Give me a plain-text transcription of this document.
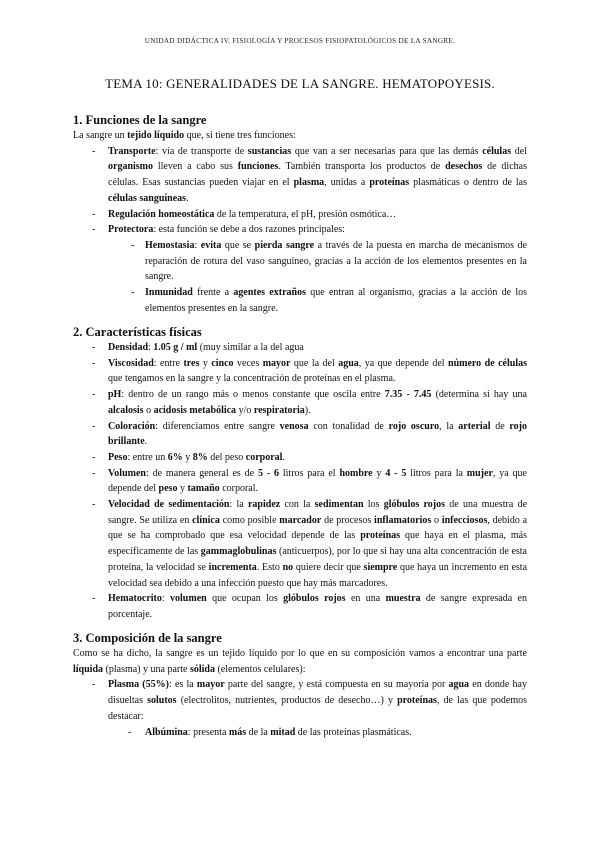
UNIDAD DIDÁCTICA IV. FISIOLOGÍA Y PROCESOS FISIOPATOLÓGICOS DE LA SANGRE.
TEMA 10: GENERALIDADES DE LA SANGRE. HEMATOPOYESIS.
1. Funciones de la sangre

La sangre un tejido líquido que, si tiene tres funciones:

- Transporte: vía de transporte de sustancias que van a ser necesarias para que las demás células del organismo lleven a cabo sus funciones. También transporta los productos de desechos de dichas células. Esas sustancias pueden viajar en el plasma, unidas a proteínas plasmáticas o dentro de las células sanguíneas.
- Regulación homeostática de la temperatura, el pH, presión osmótica…
- Protectora: esta función se debe a dos razones principales:
- Hemostasia: evita que se pierda sangre a través de la puesta en marcha de mecanismos de reparación de rotura del vaso sanguíneo, gracias a la acción de los elementos presentes en la sangre.
- Inmunidad frente a agentes extraños que entran al organismo, gracias a la acción de los elementos presentes en la sangre.
2. Características físicas
- Densidad: 1.05 g / ml (muy similar a la del agua
- Viscosidad: entre tres y cinco veces mayor que la del agua, ya que depende del número de células que tengamos en la sangre y la concentración de proteínas en el plasma.
- pH: dentro de un rango más o menos constante que oscila entre 7.35 - 7.45 (determina si hay una alcalosis o acidosis metabólica y/o respiratoria).
- Coloración: diferenciamos entre sangre venosa con tonalidad de rojo oscuro, la arterial de rojo brillante.
- Peso: entre un 6% y 8% del peso corporal.
- Volumen: de manera general es de 5 - 6 litros para el hombre y 4 - 5 litros para la mujer, ya que depende del peso y tamaño corporal.
- Velocidad de sedimentación: la rapidez con la sedimentan los glóbulos rojos de una muestra de sangre. Se utiliza en clínica como posible marcador de procesos inflamatorios o infecciosos, debido a que se ha comprobado que esa velocidad depende de las proteínas que haya en el plasma, más específicamente de las gammaglobulinas (anticuerpos), por lo que si hay una alta concentración de esta proteína, la velocidad se incrementa. Esto no quiere decir que siempre que haya un incremento en esta velocidad sea debido a una infección puesto que hay más marcadores.
- Hematocrito: volumen que ocupan los glóbulos rojos en una muestra de sangre expresada en porcentaje.
3. Composición de la sangre

Como se ha dicho, la sangre es un tejido líquido por lo que en su composición vamos a encontrar una parte líquida (plasma) y una parte sólida (elementos celulares):

- Plasma (55%): es la mayor parte del sangre, y está compuesta en su mayoría por agua en donde hay disueltas solutos (electrolitos, nutrientes, productos de desecho…) y proteínas, de las que podemos destacar:
- Albúmina: presenta más de la mitad de las proteínas plasmáticas.
